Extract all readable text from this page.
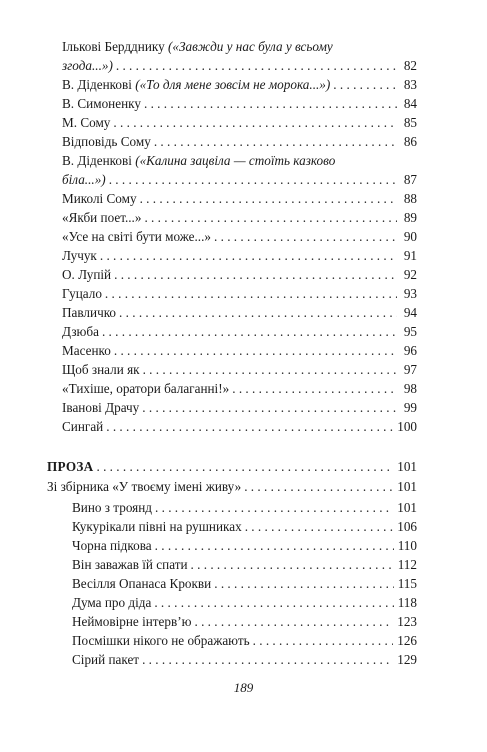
Ількові Бердднику («Завжди у нас була у всьому
згода...») . . .	82
В. Діденкові («То для мене зовсім не морока...») . . .	83
В. Симоненку . . .	84
М. Сому . . .	85
Відповідь Сому . . .	86
В. Діденкові («Калина зацвіла — стоїть казково
біла...») . . .	87
Миколі Сому . . .	88
«Якби поет...» . . .	89
«Усе на світі бути може...» . . .	90
Лучук . . .	91
О. Лупій . . .	92
Гуцало . . .	93
Павличко . . .	94
Дзюба . . .	95
Масенко . . .	96
Щоб знали як . . .	97
«Тихіше, оратори балаганні!» . . .	98
Іванові Драчу . . .	99
Сингай . . .	100
ПРОЗА . . .	101
Зі збірника «У твоєму імені живу» . . .	101
Вино з троянд . . .	101
Кукурікали півні на рушниках . . .	106
Чорна підкова . . .	110
Він заважав їй спати . . .	112
Весілля Опанаса Крокви . . .	115
Дума про діда . . .	118
Неймовірне інтерв’ю . . .	123
Посмішки нікого не ображають . . .	126
Сірий пакет . . .	129
189
